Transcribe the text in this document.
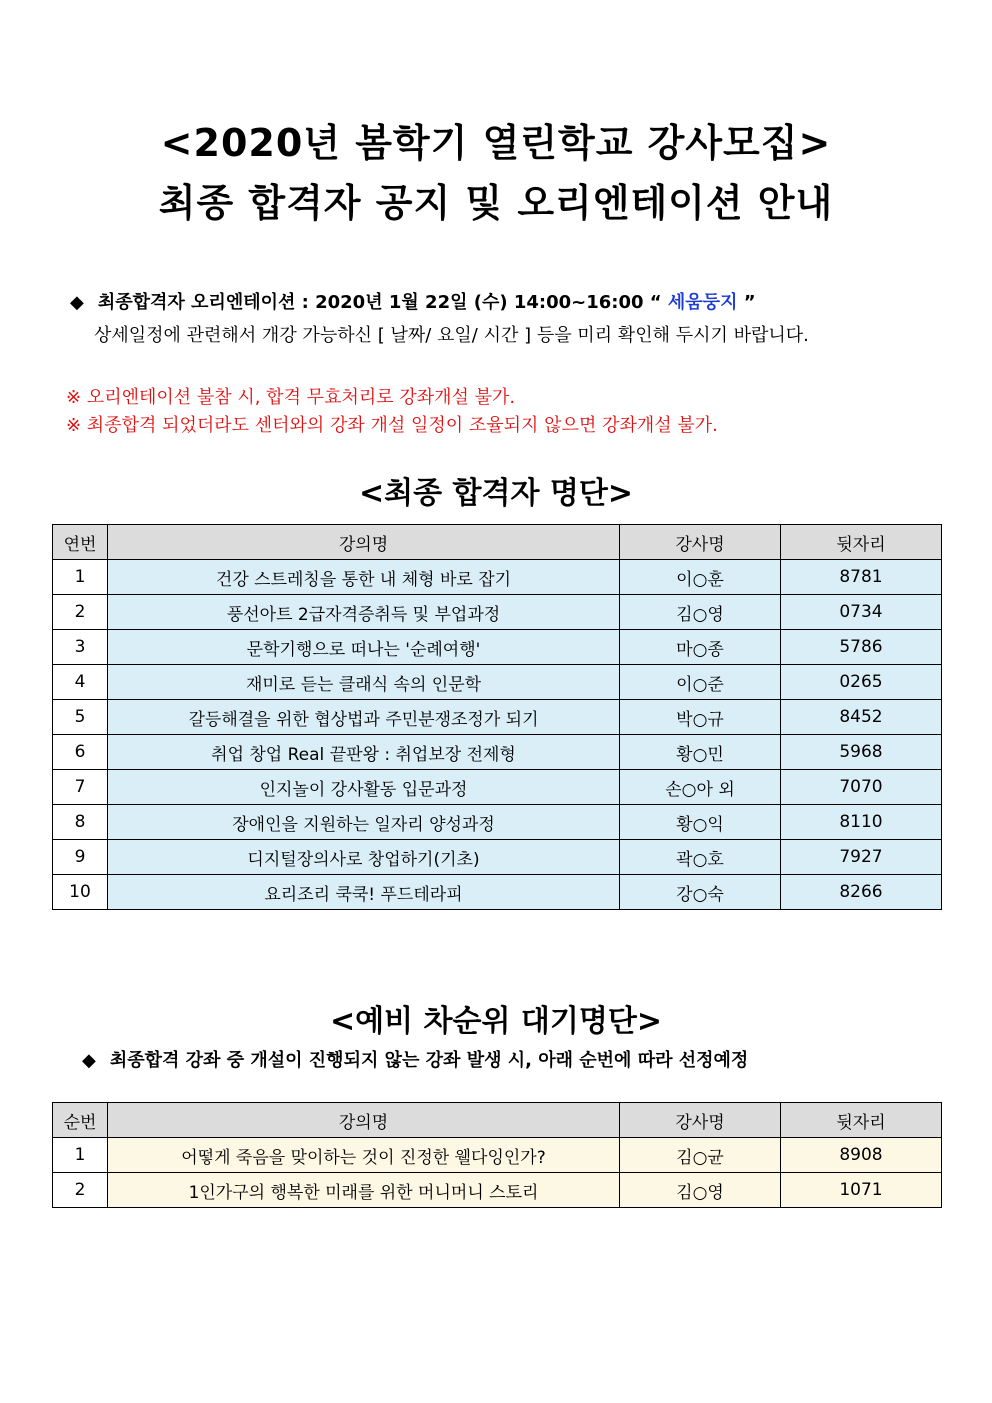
<2020년 봄학기 열린학교 강사모집>
최종 합격자 공지 및 오리엔테이션 안내
◆ 최종합격자 오리엔테이션 : 2020년 1월 22일 (수) 14:00~16:00 “ 세움둥지 ”
상세일정에 관련해서 개강 가능하신 [ 날짜/ 요일/ 시간 ] 등을 미리 확인해 두시기 바랍니다.
※ 오리엔테이션 불참 시, 합격 무효처리로 강좌개설 불가.
※ 최종합격 되었더라도 센터와의 강좌 개설 일정이 조율되지 않으면 강좌개설 불가.
<최종 합격자 명단>
연번	강의명	강사명	뒷자리
1	건강 스트레칭을 통한 내 체형 바로 잡기	이○훈	8781
2	풍선아트 2급자격증취득 및 부업과정	김○영	0734
3	문학기행으로 떠나는 '순례여행'	마○종	5786
4	재미로 듣는 클래식 속의 인문학	이○준	0265
5	갈등해결을 위한 협상법과 주민분쟁조정가 되기	박○규	8452
6	취업 창업 Real 끝판왕 : 취업보장 전제형	황○민	5968
7	인지놀이 강사활동 입문과정	손○아 외	7070
8	장애인을 지원하는 일자리 양성과정	황○익	8110
9	디지털장의사로 창업하기(기초)	곽○호	7927
10	요리조리 쿡쿡! 푸드테라피	강○숙	8266
<예비 차순위 대기명단>
◆ 최종합격 강좌 중 개설이 진행되지 않는 강좌 발생 시, 아래 순번에 따라 선정예정
순번	강의명	강사명	뒷자리
1	어떻게 죽음을 맞이하는 것이 진정한 웰다잉인가?	김○균	8908
2	1인가구의 행복한 미래를 위한 머니머니 스토리	김○영	1071
